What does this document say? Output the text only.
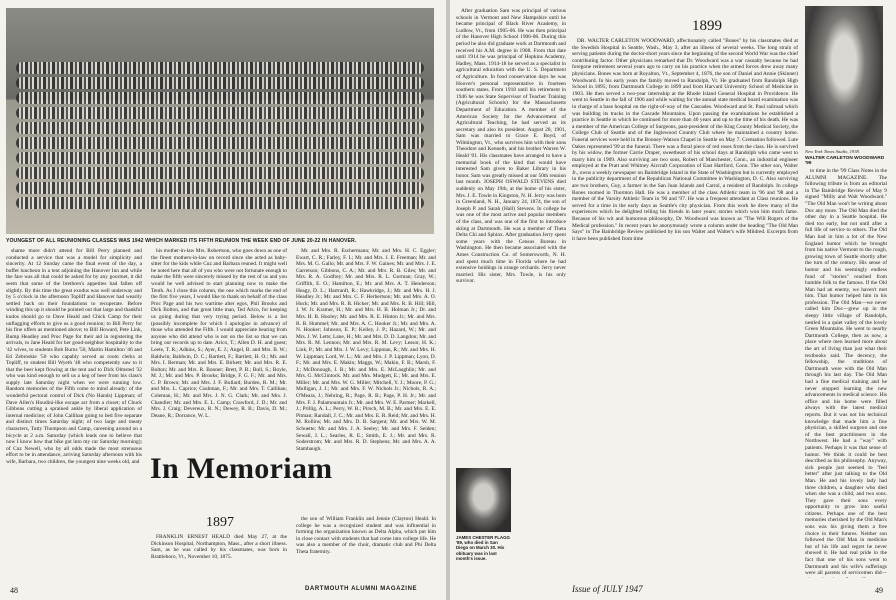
YOUNGEST OF ALL REUNIONING CLASSES WAS 1942 WHICH MARKED ITS FIFTH REUNION THE WEEK END OF JUNE 20-22 IN HANOVER.

shame more didn't attend for Bill Perry planned and conducted a service that was a model for simplicity and sincerity. At 12 Sunday came the final event of the day, a buffet luncheon in a tent adjoining the Hanover Inn and while the fare was all that could be asked for by any gourmet, it did seem that some of the brethren's appetites had fallen off slightly. By this time the great exodus was well underway and by 5 o'clock in the afternoon Topliff and Hanover had wearily settled back on their foundations to recuperate. Before winding this up it should be pointed out that large and thankful kudos should go to Dave Heald and Chick Camp for their unflagging efforts to give us a good reunion; to Bill Perry for his fine offers as mentioned above; to Bill Howard, Pete Link, Bump Headley and Proc Page for their aid in registering the arrivals, to Jane Heald for her good-neighbor hospitality to the '42 wives, to students Bob Burns '50, Martin Hamilton '46 and Ed Zebroskie '50 who capably served as room clerks at Topliff, to student Bill Wyeth '48 who competently saw to it that the beer kept flowing at the tent and to Dick Olmsted '32 who was kind enough to sell us a keg of beer from his class's supply late Saturday night when we were running low. Random memories of the Fifth come to mind already: of the wonderful pectoral control of Dick (No Hands) Lippman; of Dave Allen's Houdini-like escape act from a closet; of Chuck Gibbons cutting a sprained ankle by liberal application of internal medicine; of John Callihan going to bed five separate and distinct times Saturday night; of two large and meaty characters, Tutty Thompson and Camp, careening around on a bicycle at 2 a.m. Saturday (which leads one to believe that now I know how that bike got into my car Saturday morning); of Cuz Newell, who by all odds made the most strenuous effort to be in attendance, arriving Saturday afternoon with his wife, Barbara, two children, the youngest nine weeks old, and

his mother-in-law Mrs. Robertson, who goes down as one of the finest mothers-in-law on record since she acted as baby-sitter for the kids while Cuz and Barbara reuned. It might well be noted here that all of you who were not fortunate enough to make the fifth were sincerely missed by the rest of us and you would be well advised to start planning now to make the Tenth. As I close this column, the one which marks the end of the first five years, I would like to thank on behalf of the class Proc Page and his two wartime alter egos, Phil Brooks and Dick Bolton, and that great little man, Ted Arico, for keeping us going during that very trying period. Below is a list (possibly incomplete for which I apologize in advance) of those who attended the Fifth. I would appreciate hearing from anyone who did attend who is not on the list so that we can bring our records up to date. Arico, T.; Allen D. H. and guest; Leete, T. R.; Adkins, S.; Ayer, E. J.; Angel, B. and Mrs. B. W.; Baldwin; Baldwin, D. C.; Bartlett, F.; Bartlett, H. O.; Mr. and Mrs. I. Berman; Mr. and Mrs. E. Birkett; Mr. and Mrs. R. E. Bolton; Mr. and Mrs. R. Bonner; Brett, P. B.; Bull, S.; Boyle, M. J.; Mr. and Mrs. P. Brooks; Bridge, F. G. F.; Mr. and Mrs. C. P. Brown; Mr. and Mrs. J. F. Bullard; Burden, R. M.; Mr. and Mrs. L. Caprice; Cushman, F.; Mr. and Mrs. T. Callihan; Coleman, H.; Mr. and Mrs. J. N. G. Clark; Mr. and Mrs. J. Chandler; Mr. and Mrs. E. L. Camp; Crawford, J. D.; Mr. and Mrs. J. Craig; Devereux, R. N.; Dewey, R. B.; Davis, D. M.; Deane, R.; Dorrance, W. L.

Mr. and Mrs. R. Eschermann; Mr. and Mrs. H. C. Eggler; Ewart, C. R.; Farley, F. I.; Mr. and Mrs. J. E. Freeman; Mr. and Mrs. M. G. Gallo; Mr. and Mrs. F. W. Gaines; Mr. and Mrs. J. E. Garretson; Gibbons, C. A.; Mr. and Mrs. R. B. Giles; Mr. and Mrs. R. A. Godfrey; Mr. and Mrs. R. L. Gorman; Gray, W.; Griffith, E. O.; Hamilton, E.; Mr. and Mrs. A. T. Henderson; Heagy, D. L.; Hartranft, R.; Hawkridge, J.; Mr. and Mrs. H. J. Headley Jr.; Mr. and Mrs. C. F. Herbertson; Mr. and Mrs. A. O. Huck; Mr. and Mrs. R. B. Hicker; Mr. and Mrs. R. B. Hill; Hill, J. W. Jr. Kramer, H.; Mr. and Mrs. H. B. Holman Jr.; Dr. and Mrs. H. B. Hooley; Mr. and Mrs. R. E. Hinton Jr.; Mr. and Mrs. R. B. Hummel; Mr. and Mrs. A. C. Hooker Jr.; Mr. and Mrs. A. N. Hooker; Johnson, E. P.; Kelley, J. P.; Hazard, W.; Mr. and Mrs. J. W. Letts; Lane, H.; Mr. and Mrs. D. D. Langdon; Mr. and Mrs. R. M. Lennon; Mr. and Mrs. R. M. Levy; Lessor, H. K.; Link, P.; Mr. and Mrs. J. W. Levy; Lippman, R.; Mr. and Mrs. H. W. Lippman; Lord, W. L.; Mr. and Mrs. J. P. Lippman; Lyon, D. F.; Mr. and Mrs. E. Makin; Maggs, W.; Makin, F. B.; Marsh, F. J.; McDonough, J. B.; Mr. and Mrs. E. McLaughlin; Mr. and Mrs. G. McClintock. Mr. and Mrs. Mudgett, E.; Mr. and Mrs. E. Miller; Mr. and Mrs. W. G. Miller; Mitchell, Y. J.; Moore, P. G.; Mulligan, J. J.; Mr. and Mrs. F. W. Nichols Jr.; Nichols, R. A.; O'Meara, J.; Nehring, R.; Page, R. B.; Page, P. H. Jr.; Mr. and Mrs. F. J. Palamountain Jr.; Mr. and Mrs. W. E. Parmer; Markell, J.; Prillig, A. L.; Perry, W. B.; Pirsch, M. B.; Mr. and Mrs. E. E. Pitman; Randall, J. C.; Mr. and Mrs. E. R. Reid; Mr. and Mrs. H. M. Rollins; Mr. and Mrs. D. B. Sargent; Mr. and Mrs. W. M. Schuette; Mr. and Mrs. J. A. Seeley; Mr. and Mrs. F. Selden; Sewall, J. L.; Searles, R. E.; Smith, E. J.; Mr. and Mrs. R. Soderstrom; Mr. and Mrs. R. D. Stephens; Mr. and Mrs. A. A. Stambaugh.

In Memoriam
1897

FRANKLIN ERNEST HEALD died May 27, at the Dickinson Hospital, Northampton, Mass., after a short illness. Sam, as he was called by his classmates, was born in Brattleboro, Vt., November 10, 1875.

the son of William Franklin and Jennie (Clayton) Heald. In college he was a recognized student and was influential in forming the organization known as Delta Alpha, which put him in close contact with students that had come into college life. He was also a member of the choir, dramatic club and Phi Delta Theta fraternity.

48	DARTMOUTH ALUMNI MAGAZINE

After graduation Sam was principal of various schools in Vermont and New Hampshire until he became principal of Black River Academy, in Ludlow, Vt., from 1905-06. He was then principal of the Hanover High School 1906-08. During this period he also did graduate work at Dartmouth and received his A.M. degree in 1908. From that date until 1914 he was principal of Hopkins Academy, Hadley, Mass. 1914-18 he served as a specialist in agricultural education with the U. S. Department of Agriculture. In food conservation days he was Hoover's personal representative in fourteen southern states. From 1918 until his retirement in 1946 he was State Supervisor of Teacher Training (Agricultural Schools) for the Massachusetts Department of Education. A member of the American Society for the Advancement of Agricultural Teaching, he had served as its secretary and also its president. August 28, 1901, Sam was married to Grace E. Boyd, of Wilmington, Vt., who survives him with their sons Theodore and Kenneth, and his brother Warren W. Heald '01. His classmates have arranged to have a memorial book of the kind that would have interested Sam given to Baker Library in his honor. Sam was greatly missed at our 50th reunion last month. JOSEPH OSWALD STEVENS died suddenly on May 19th, at the home of his sister, Mrs. J. E. Towle in Kingston, N. H. Jerry was born in Greenland, N. H., January 24, 1874, the son of Joseph P. and Sarah (Hall) Stevens. In college he was one of the most active and popular members of the class, and was one of the first to introduce skiing at Dartmouth. He was a member of Theta Delta Chi and Sphinx. After graduation Jerry spent some years with the Census Bureau in Washington. He then became associated with the Ames Construction Co. of Somersworth, N. H. and spent much time in Florida where he had extensive holdings in orange orchards. Jerry never married. His sister, Mrs. Towle, is his only survivor.

1899

DR. WALTER CARLETON WOODWARD, affectionately called "Bones" by his classmates died at the Swedish Hospital in Seattle, Wash., May 3, after an illness of several weeks. The long strain of serving patients during the doctor-short years since the beginning of the second World War was the chief contributing factor. Other physicians remarked that Dr. Woodward was a war casualty because he had foregone retirement several years ago to carry on his practice when the armed forces drew away many physicians. Bones was born at Royalton, Vt., September 4, 1876, the son of Daniel and Annie (Skinner) Woodward. In his early years the family moved to Randolph, Vt. He graduated from Randolph High School in 1895; from Dartmouth College in 1899 and from Harvard University School of Medicine in 1903. He then served a two-year internship at the Rhode Island General Hospital in Providence. He went to Seattle in the fall of 1906 and while waiting for the annual state medical board examination was in charge of a base hospital on the right-of-way of the Cascades. Woodward and St. Paul railroad which was building its tracks in the Cascade Mountains. Upon passing the examinations he established a practice in Seattle in which he continued for more than 40 years and up to the time of his death. He was a member of the American College of Surgeons, past-president of the King County Medical Society, the College Club of Seattle and of the Inglewood Country Club where he maintained a country home. Funeral services were held in the Bonney-Watson Chapel in Seattle on May 7. Cremation followed. Lute Oakes represented '99 at the funeral. There was a floral piece of red roses from the class. He is survived by his widow, the former Carrie Draper, sweetheart of his school days at Randolph who came west to marry him in 1909. Also surviving are two sons, Robert of Manchester, Conn., an industrial engineer employed at the Pratt and Whitney Aircraft Corporation of East Hartford, Conn. The other son, Walter Jr., owns a weekly newspaper on Bainbridge Island in the State of Washington but is currently employed in the publicity department of the Republican National Committee in Washington, D. C. Also surviving are two brothers, Guy, a farmer in the San Juan Islands and Carrol, a resident of Randolph. In college Bones roomed in Thornton Hall. He was a member of the class Athletic team in '96 and '98 and a member of the Varsity Athletic Team in '96 and '97. He was a frequent attendant at Class reunions. He served for a time in the early days as Seattle's city physician. From this work he drew many of the experiences which he delighted telling his friends in later years: stories which won him much fame. Because of his wit and humorous philosophy, Dr. Woodward was known as "The Will Rogers of the Medical profession." In recent years he anonymously wrote a column under the heading "The Old Man Says" in The Bainbridge Review published by his son Walter and Walter's wife Mildred. Excerpts from it have been published from time

New York Times Studio, 1938.
WALTER CARLETON WOODWARD '99

to time in the '99 Class Notes in the ALUMNI MAGAZINE. The following tribute is from an editorial in The Bainbridge Review of May 9 signed "Milly and Walt Woodward." "The Old Man won't be writing about Doc any more. The Old Man died the other day in a Seattle hospital. He died too early, but not until after a full life of service to others. The Old Man had in him a lot of the New England humor which he brought from his native Vermont to the rough, growing town of Seattle shortly after the turn of the century. His sense of humor and his seemingly endless fund of "stories" reached from humble folk to the famous. If the Old Man had an enemy, we haven't met him. That humor helped him in his profession. The Old Man—we never called him Doc—grew up in the sleepy little village of Randolph, nestled in a quiet valley of the lovely Green Mountains. He went to nearby Dartmouth College, then as now, a place where men learned more about the art of living than just what their textbooks said. The decency, the fellowship, the traditions of Dartmouth were with the Old Man through his last day. The Old Man had a fine medical training and he never stopped learning the new advancements in medical science. His office and his home were filled always with the latest medical reports. But it was not his technical knowledge that made him a fine physician, a skilled surgeon and one of the best practitioners in the Northwest. He had a "way" with patients. Perhaps it was that sense of humor. We think it could be best described as his philosophy. Anyway, sick people just seemed to "feel better" after just talking to the Old Man. He and his lovely lady had three children, a daughter who died when she was a child, and two sons. They gave their sons every opportunity to grow into useful citizens. Perhaps one of the best memories cherished by the Old Man's sons was his giving them a free choice in their futures. Neither son followed the Old Man in medicine but of his life and regret he never showed it. He had real pride in the fact that one of his sons went to Dartmouth and his wife's sufferings were all parents of servicemen did—

JAMES CHESTER FLAGG '89, who died in San Diego on March 30. His obituary was in last month's issue.
Issue of JULY 1947	49
